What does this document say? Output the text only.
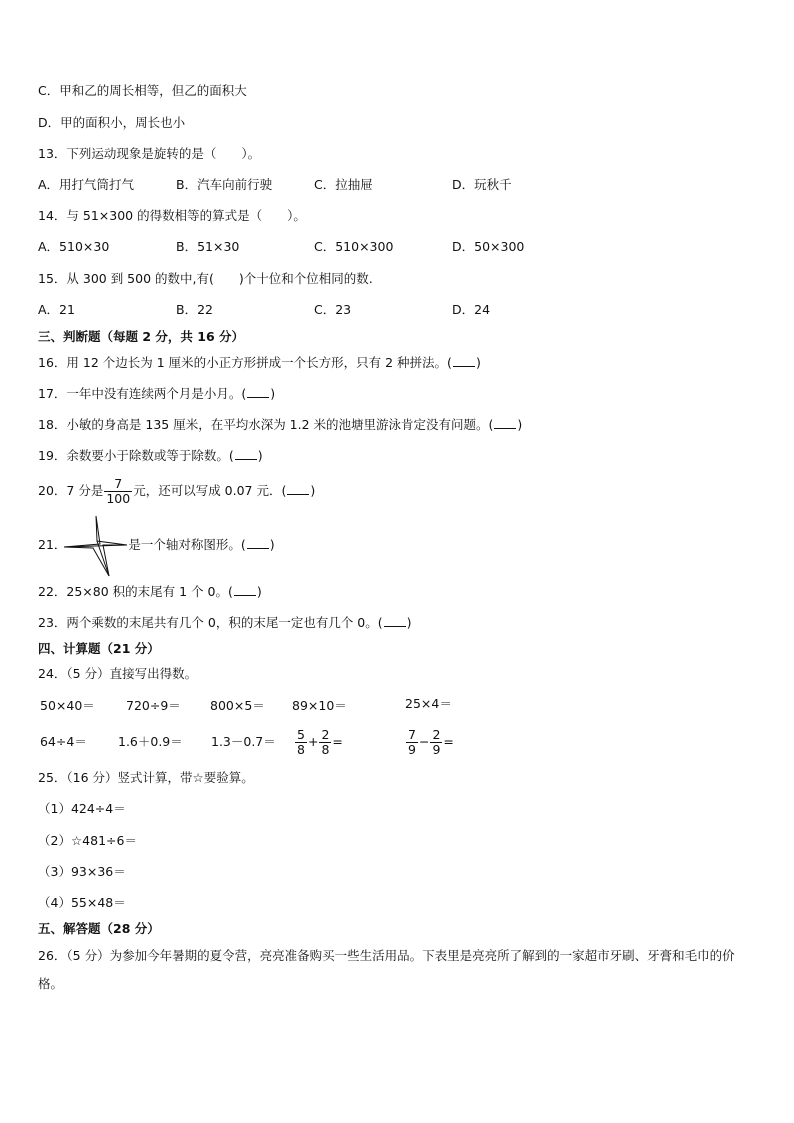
C．甲和乙的周长相等，但乙的面积大
D．甲的面积小，周长也小
13．下列运动现象是旋转的是（　　）。
A．用打气筒打气	B．汽车向前行驶	C．拉抽屉	D．玩秋千
14．与 51×300 的得数相等的算式是（　　）。
A．510×30	B．51×30	C．510×300	D．50×300
15．从 300 到 500 的数中,有(　　)个十位和个位相同的数.
A．21	B．22	C．23	D．24
三、判断题（每题 2 分，共 16 分）
16．用 12 个边长为 1 厘米的小正方形拼成一个长方形，只有 2 种拼法。( )
17．一年中没有连续两个月是小月。( )
18．小敏的身高是 135 厘米，在平均水深为 1.2 米的池塘里游泳肯定没有问题。( )
19．余数要小于除数或等于除数。( )
20．7 分是 $\frac{7}{100}$ 元，还可以写成 0.07 元．( )
21．	是一个轴对称图形。( )
22．25×80 积的末尾有 1 个 0。( )
23．两个乘数的末尾共有几个 0，积的末尾一定也有几个 0。( )
四、计算题（21 分）
24．（5 分）直接写出得数。
50×40＝ 720÷9＝ 800×5＝ 89×10＝	25×4＝
$64\div 4= 1.6+0.9= 1.3-0.7= \frac{5}{8} + \frac{2}{8}$ =	$\frac{7}{9} - \frac{2}{9}$ =
25．（16 分）竖式计算，带☆要验算。
（1）424÷4＝
（2）☆481÷6＝
（3）93×36＝
（4）55×48＝
五、解答题（28 分）
26．（5 分）为参加今年暑期的夏令营，亮亮准备购买一些生活用品。下表里是亮亮所了解到的一家超市牙刷、牙膏和毛巾的价格。
